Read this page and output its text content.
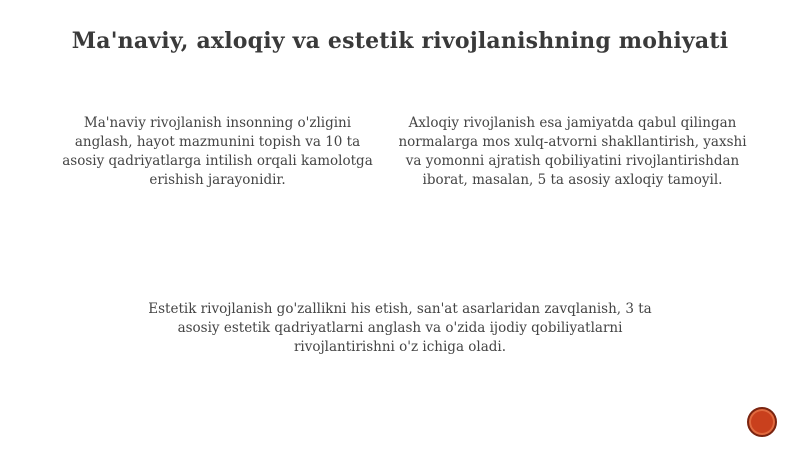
Ma'naviy, axloqiy va estetik rivojlanishning mohiyati
Ma'naviy rivojlanish insonning o'zligini anglash, hayot mazmunini topish va 10 ta asosiy qadriyatlarga intilish orqali kamolotga erishish jarayonidir.
Axloqiy rivojlanish esa jamiyatda qabul qilingan normalarga mos xulq-atvorni shakllantirish, yaxshi va yomonni ajratish qobiliyatini rivojlantirishdan iborat, masalan, 5 ta asosiy axloqiy tamoyil.
Estetik rivojlanish go'zallikni his etish, san'at asarlaridan zavqlanish, 3 ta asosiy estetik qadriyatlarni anglash va o'zida ijodiy qobiliyatlarni rivojlantirishni o'z ichiga oladi.
